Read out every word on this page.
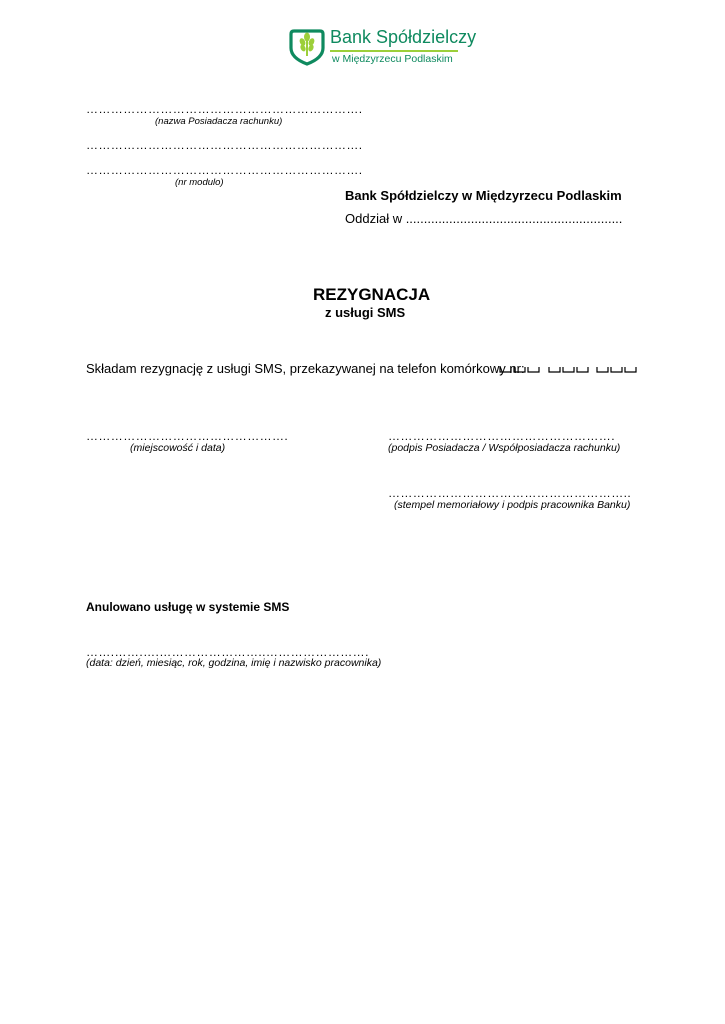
Bank Spółdzielczy
w Międzyrzecu Podlaskim
………………………………………………………….
(nazwa Posiadacza rachunku)
………………………………………………………….
………………………………………………………….
(nr modulo)
Bank Spółdzielczy w Międzyrzecu Podlaskim
Oddział w ............................................................
REZYGNACJA
z usługi SMS
Składam rezygnację z usługi SMS, przekazywanej na telefon komórkowy nr:
………………………………………….
(miejscowość i data)
……………………………………………….
(podpis Posiadacza / Współposiadacza rachunku)
…………………………………………………..
(stempel memoriałowy i podpis pracownika Banku)
Anulowano usługę w systemie SMS
…….…….….……………………..…………………….
(data: dzień, miesiąc, rok, godzina, imię i nazwisko pracownika)
